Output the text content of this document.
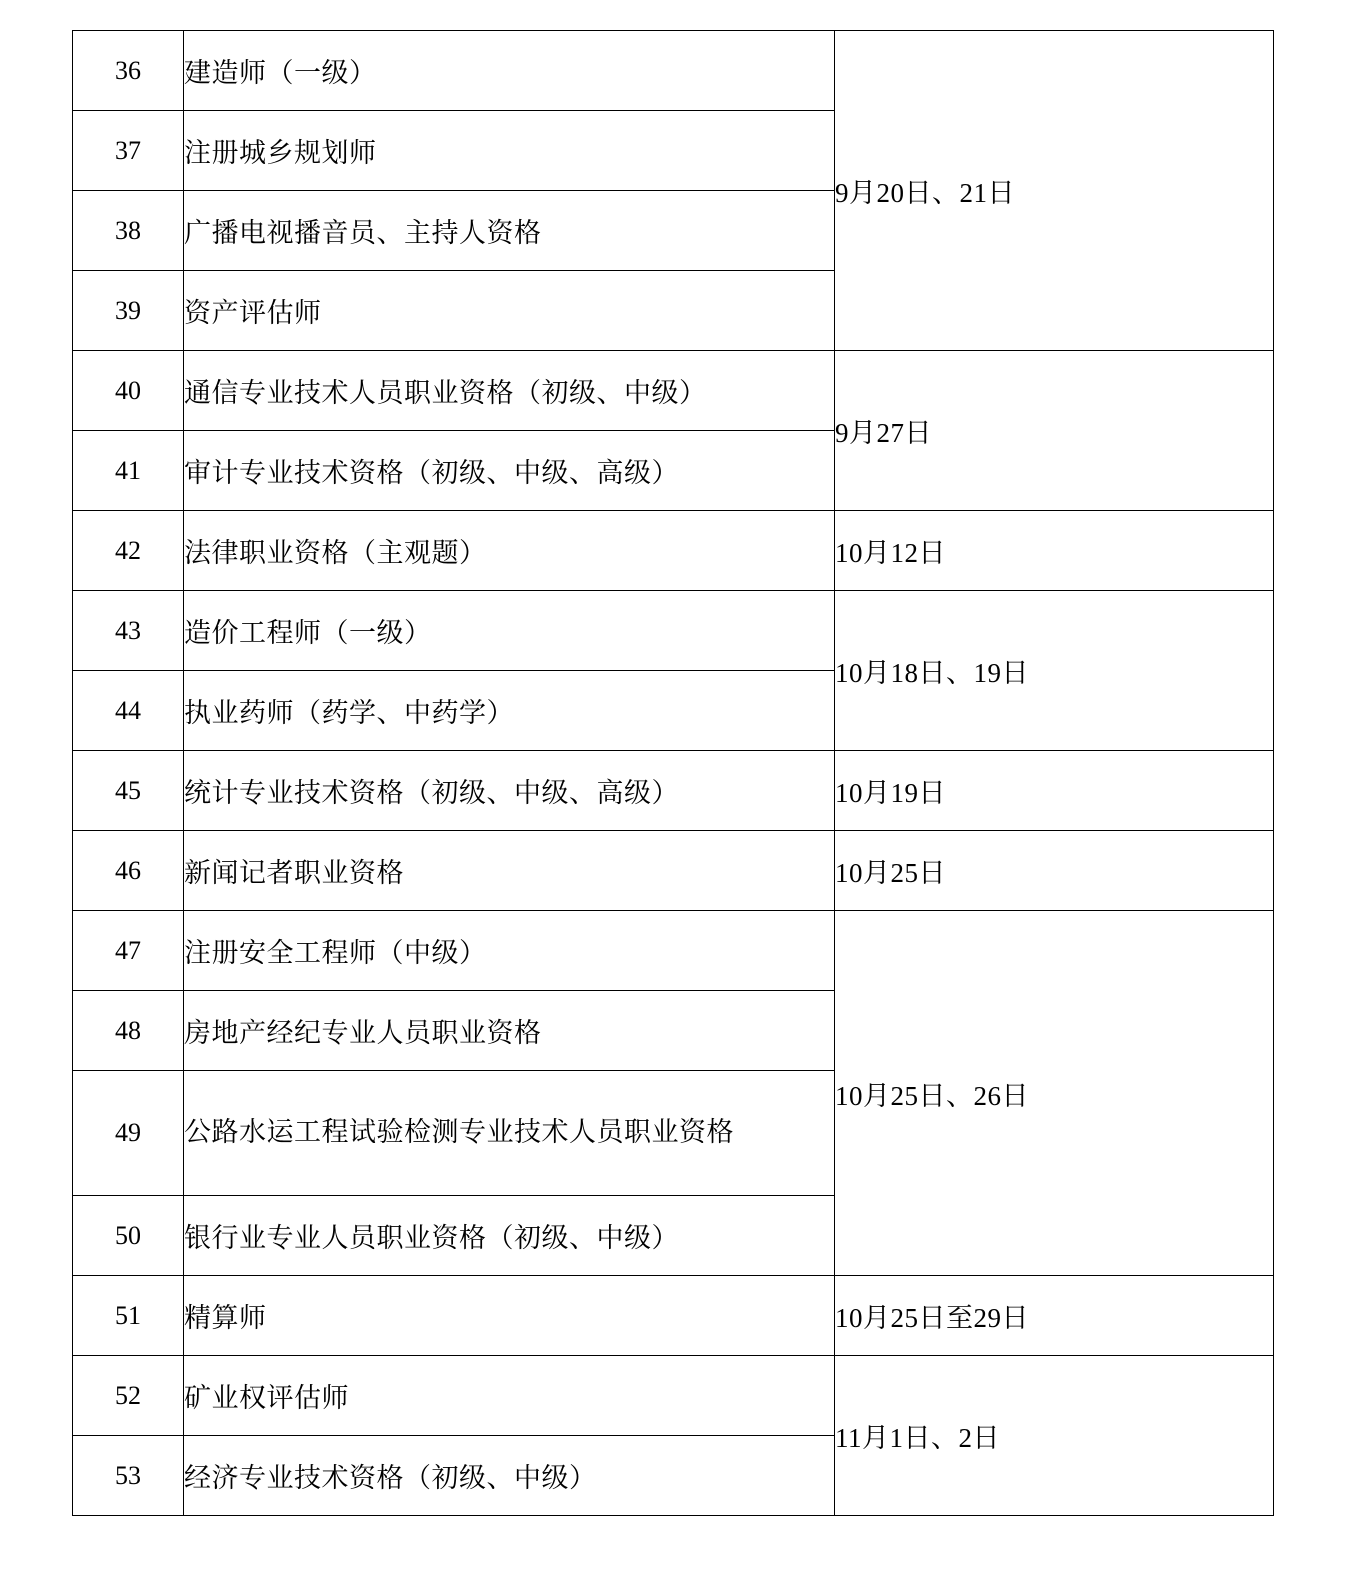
36	建造师（一级）	9月20日、21日
37	注册城乡规划师	
38	广播电视播音员、主持人资格	
39	资产评估师	
40	通信专业技术人员职业资格（初级、中级）	9月27日
41	审计专业技术资格（初级、中级、高级）	
42	法律职业资格（主观题）	10月12日
43	造价工程师（一级）	10月18日、19日
44	执业药师（药学、中药学）	
45	统计专业技术资格（初级、中级、高级）	10月19日
46	新闻记者职业资格	10月25日
47	注册安全工程师（中级）	10月25日、26日
48	房地产经纪专业人员职业资格	
49	公路水运工程试验检测专业技术人员职业资格	

50	银行业专业人员职业资格（初级、中级）	
51	精算师	10月25日至29日
52	矿业权评估师	11月1日、2日
53	经济专业技术资格（初级、中级）	
